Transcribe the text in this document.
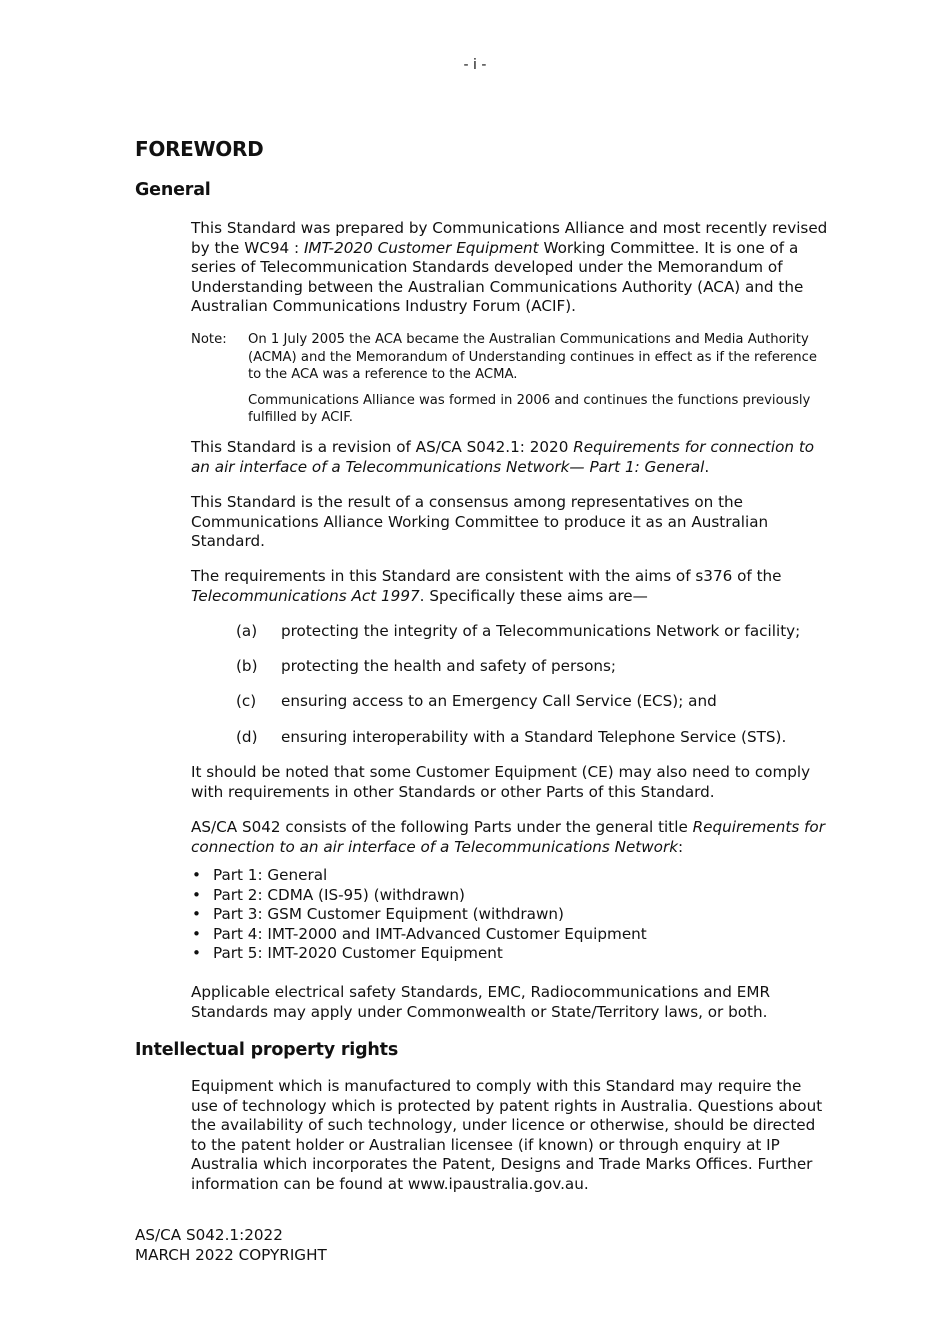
- i -
FOREWORD
General
This Standard was prepared by Communications Alliance and most recently revised by the WC94 : IMT-2020 Customer Equipment Working Committee. It is one of a series of Telecommunication Standards developed under the Memorandum of Understanding between the Australian Communications Authority (ACA) and the Australian Communications Industry Forum (ACIF).
Note: On 1 July 2005 the ACA became the Australian Communications and Media Authority (ACMA) and the Memorandum of Understanding continues in effect as if the reference to the ACA was a reference to the ACMA.

Communications Alliance was formed in 2006 and continues the functions previously fulfilled by ACIF.

This Standard is a revision of AS/CA S042.1: 2020 Requirements for connection to an air interface of a Telecommunications Network— Part 1: General.
This Standard is the result of a consensus among representatives on the Communications Alliance Working Committee to produce it as an Australian Standard.
The requirements in this Standard are consistent with the aims of s376 of the Telecommunications Act 1997. Specifically these aims are—
(a) protecting the integrity of a Telecommunications Network or facility;
(b) protecting the health and safety of persons;
(c) ensuring access to an Emergency Call Service (ECS); and
(d) ensuring interoperability with a Standard Telephone Service (STS).
It should be noted that some Customer Equipment (CE) may also need to comply with requirements in other Standards or other Parts of this Standard.
AS/CA S042 consists of the following Parts under the general title Requirements for connection to an air interface of a Telecommunications Network:
• Part 1: General
• Part 2: CDMA (IS-95) (withdrawn)
• Part 3: GSM Customer Equipment (withdrawn)
• Part 4: IMT-2000 and IMT-Advanced Customer Equipment
• Part 5: IMT-2020 Customer Equipment
Applicable electrical safety Standards, EMC, Radiocommunications and EMR Standards may apply under Commonwealth or State/Territory laws, or both.
Intellectual property rights
Equipment which is manufactured to comply with this Standard may require the use of technology which is protected by patent rights in Australia. Questions about the availability of such technology, under licence or otherwise, should be directed to the patent holder or Australian licensee (if known) or through enquiry at IP Australia which incorporates the Patent, Designs and Trade Marks Offices. Further information can be found at www.ipaustralia.gov.au.
AS/CA S042.1:2022
MARCH 2022 COPYRIGHT
